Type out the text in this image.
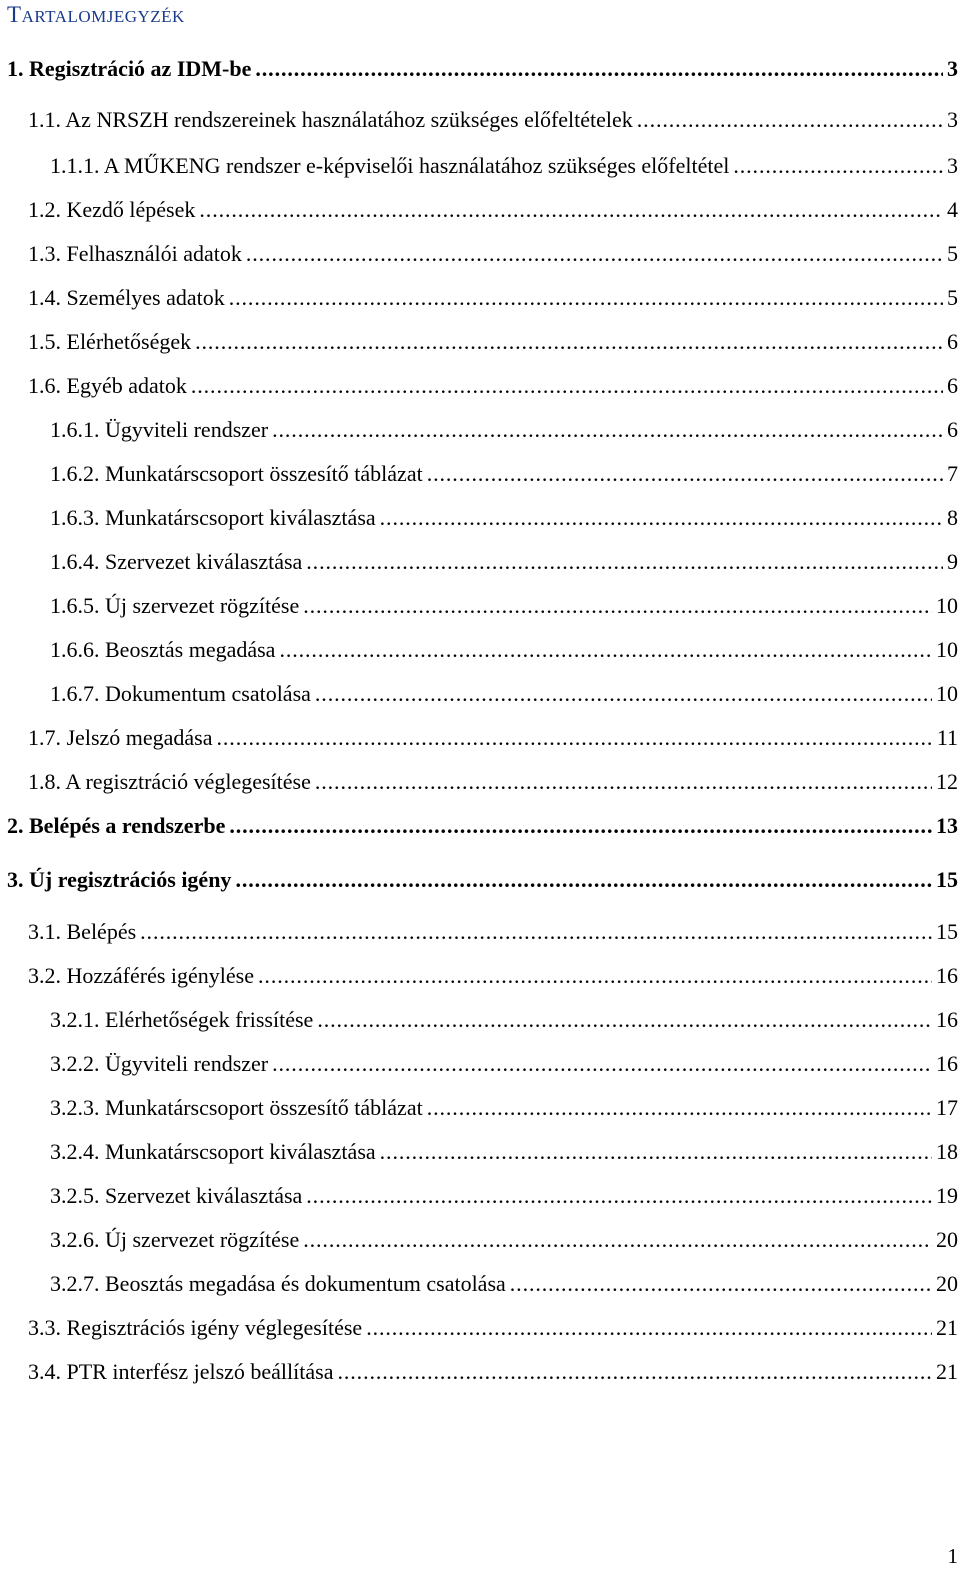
TARTALOMJEGYZÉK
1. Regisztráció az IDM-be .....	3
1.1. Az NRSZH rendszereinek használatához szükséges előfeltételek .....	3
1.1.1. A MŰKENG rendszer e-képviselői használatához szükséges előfeltétel .....	3
1.2. Kezdő lépések .....	4
1.3. Felhasználói adatok .....	5
1.4. Személyes adatok .....	5
1.5. Elérhetőségek .....	6
1.6. Egyéb adatok .....	6
1.6.1. Ügyviteli rendszer .....	6
1.6.2. Munkatárscsoport összesítő táblázat .....	7
1.6.3. Munkatárscsoport kiválasztása .....	8
1.6.4. Szervezet kiválasztása .....	9
1.6.5. Új szervezet rögzítése .....	10
1.6.6. Beosztás megadása .....	10
1.6.7. Dokumentum csatolása .....	10
1.7. Jelszó megadása .....	11
1.8. A regisztráció véglegesítése .....	12
2. Belépés a rendszerbe .....	13
3. Új regisztrációs igény .....	15
3.1. Belépés .....	15
3.2. Hozzáférés igénylése .....	16
3.2.1. Elérhetőségek frissítése .....	16
3.2.2. Ügyviteli rendszer .....	16
3.2.3. Munkatárscsoport összesítő táblázat .....	17
3.2.4. Munkatárscsoport kiválasztása .....	18
3.2.5. Szervezet kiválasztása .....	19
3.2.6. Új szervezet rögzítése .....	20
3.2.7. Beosztás megadása és dokumentum csatolása .....	20
3.3. Regisztrációs igény véglegesítése .....	21
3.4. PTR interfész jelszó beállítása .....	21
1
